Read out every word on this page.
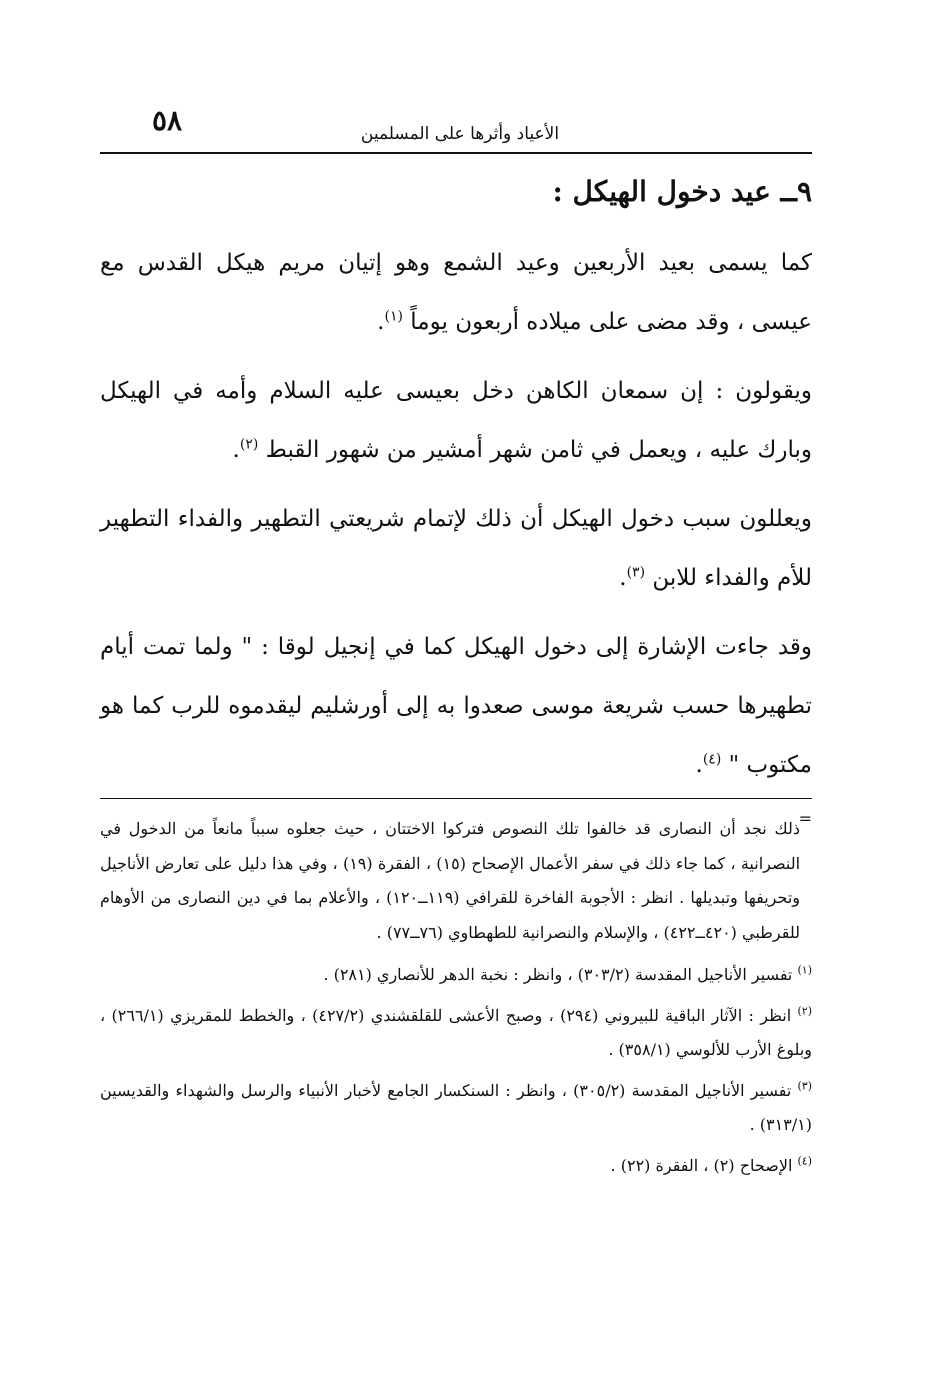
٥٨	الأعياد وأثرها على المسلمين
٩ــ عيد دخول الهيكل :

كما يسمى بعيد الأربعين وعيد الشمع وهو إتيان مريم هيكل القدس مع عيسى ، وقد مضى على ميلاده أربعون يوماً $^{(١)}$.

ويقولون : إن سمعان الكاهن دخل بعيسى عليه السلام وأمه في الهيكل وبارك عليه ، ويعمل في ثامن شهر أمشير من شهور القبط $^{(٢)}$.

ويعللون سبب دخول الهيكل أن ذلك لإتمام شريعتي التطهير والفداء التطهير للأم والفداء للابن $^{(٣)}$.

وقد جاءت الإشارة إلى دخول الهيكل كما في إنجيل لوقا : " ولما تمت أيام تطهيرها حسب شريعة موسى صعدوا به إلى أورشليم ليقدموه للرب كما هو مكتوب " $^{(٤)}$.

=
ذلك نجد أن النصارى قد خالفوا تلك النصوص فتركوا الاختتان ، حيث جعلوه سبباً مانعاً من الدخول في النصرانية ، كما جاء ذلك في سفر الأعمال الإصحاح (١٥) ، الفقرة (١٩) ، وفي هذا دليل على تعارض الأناجيل وتحريفها وتبديلها . انظر : الأجوبة الفاخرة للقرافي (١١٩ــ١٢٠) ، والأعلام بما في دين النصارى من الأوهام للقرطبي (٤٢٠ــ٤٢٢) ، والإسلام والنصرانية للطهطاوي (٧٦ــ٧٧) .

$^{(١)}$ تفسير الأناجيل المقدسة (٣٠٣/٢) ، وانظر : نخبة الدهر للأنصاري (٢٨١) .

$^{(٢)}$ انظر : الآثار الباقية للبيروني (٢٩٤) ، وصبح الأعشى للقلقشندي (٤٢٧/٢) ، والخطط للمقريزي (٢٦٦/١) ، وبلوغ الأرب للألوسي (٣٥٨/١) .

$^{(٣)}$ تفسير الأناجيل المقدسة (٣٠٥/٢) ، وانظر : السنكسار الجامع لأخبار الأنبياء والرسل والشهداء والقديسين (٣١٣/١) .

$^{(٤)}$ الإصحاح (٢) ، الفقرة (٢٢) .
